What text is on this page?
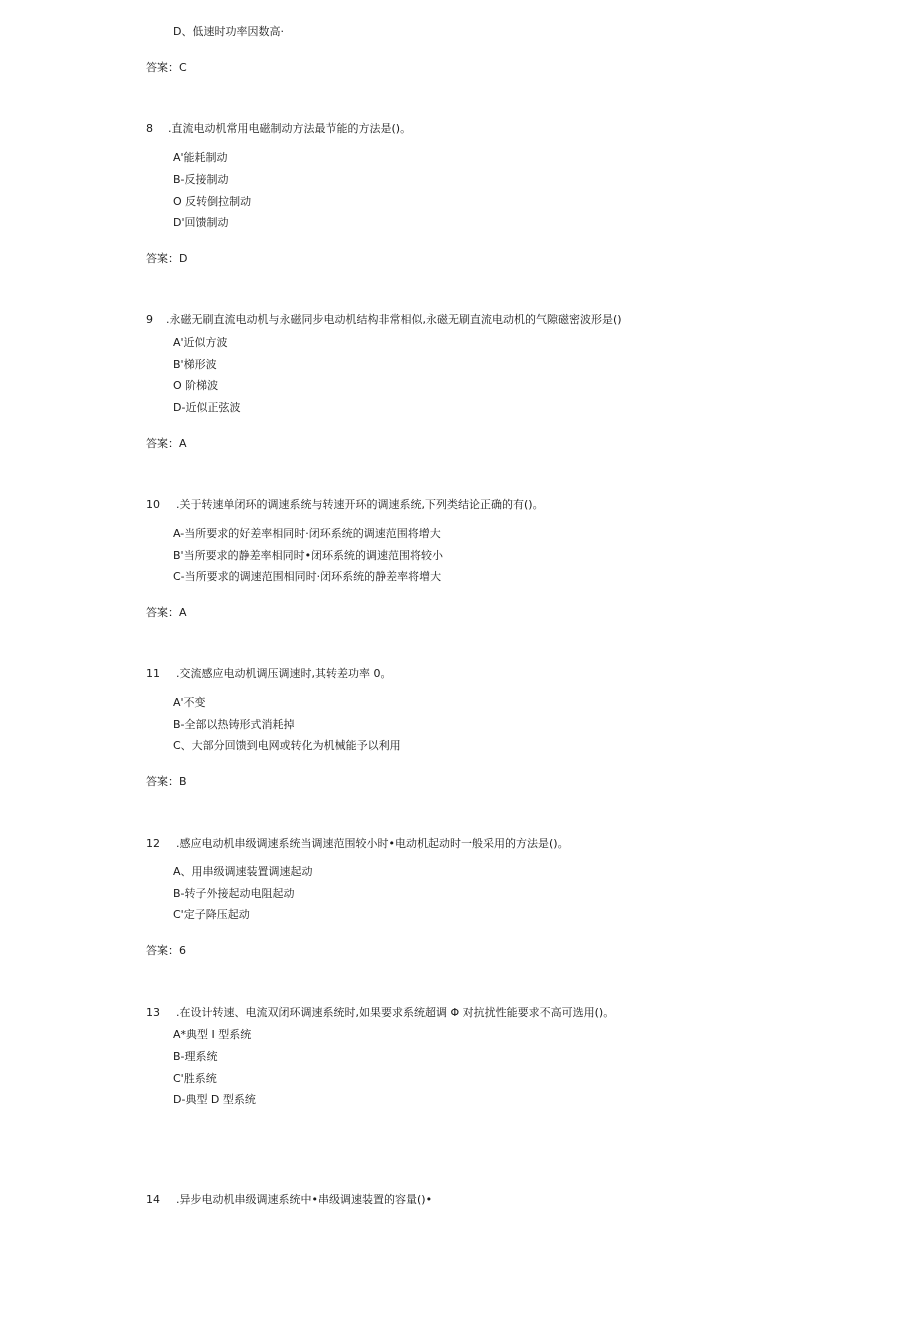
D、低速时功率因数高·
答案：C
8 .直流电动机常用电磁制动方法最节能的方法是()。
A'能耗制动
B-反接制动
O 反转倒拉制动
D'回馈制动
答案：D
9 .永磁无刷直流电动机与永磁同步电动机结构非常相似,永磁无刷直流电动机的气隙磁密波形是()
A'近似方波
B'梯形波
O 阶梯波
D-近似正弦波
答案：A
10 .关于转速单闭环的调速系统与转速开环的调速系统,下列类结论正确的有()。
A-当所要求的好差率相同时·闭环系统的调速范围将增大
B'当所要求的静差率相同时•闭环系统的调速范围将较小
C-当所要求的调速范围相同时·闭环系统的静差率将增大
答案：A
11 .交流感应电动机调压调速时,其转差功率 0。
A'不变
B-全部以热铸形式消耗掉
C、大部分回馈到电网或转化为机械能予以利用
答案：B
12 .感应电动机串级调速系统当调速范围较小时•电动机起动时一般采用的方法是()。
A、用串级调速装置调速起动
B-转子外接起动电阻起动
C'定子降压起动
答案：6
13 .在设计转速、电流双闭环调速系统时,如果要求系统超调 Φ 对抗扰性能要求不高可选用()。
A*典型 I 型系统
B-理系统
C'胜系统
D-典型 D 型系统
14 .异步电动机串级调速系统中•串级调速装置的容量()•
